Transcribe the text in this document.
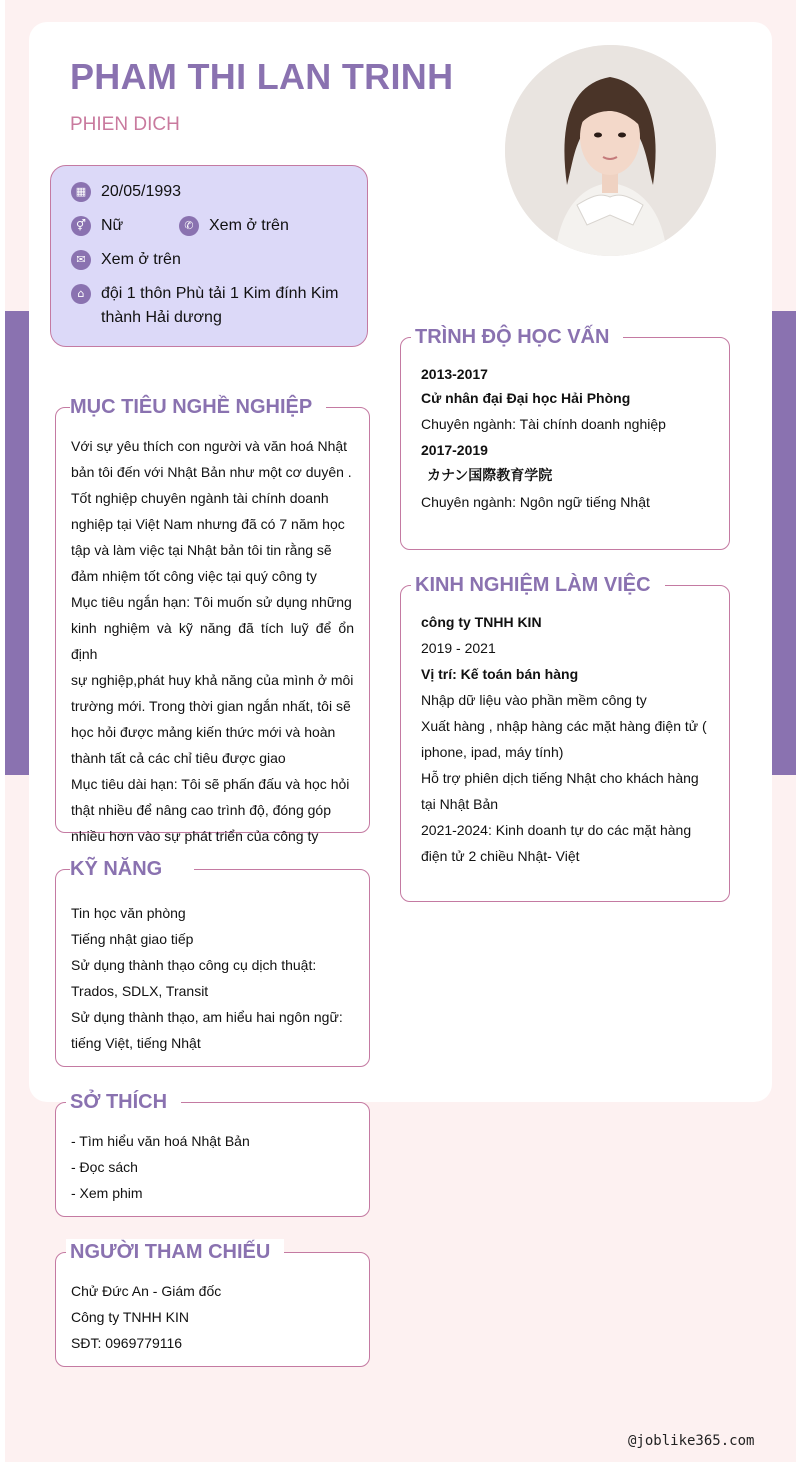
PHAM THI LAN TRINH
PHIEN DICH
▦ 20/05/1993
⚥ Nữ	✆ Xem ở trên
✉ Xem ở trên
⌂	đội 1 thôn Phù tải 1 Kim đính Kim
thành Hải dương
MỤC TIÊU NGHỀ NGHIỆP
Với sự yêu thích con người và văn hoá Nhật
bản tôi đến với Nhật Bản như một cơ duyên .
Tốt nghiệp chuyên ngành tài chính doanh
nghiệp tại Việt Nam nhưng đã có 7 năm học
tập và làm việc tại Nhật bản tôi tin rằng sẽ
đảm nhiệm tốt công việc tại quý công ty
Mục tiêu ngắn hạn: Tôi muốn sử dụng những
kinh nghiệm và kỹ năng đã tích luỹ để ổn định
sự nghiệp,phát huy khả năng của mình ở môi
trường mới. Trong thời gian ngắn nhất, tôi sẽ
học hỏi được mảng kiến thức mới và hoàn
thành tất cả các chỉ tiêu được giao
Mục tiêu dài hạn: Tôi sẽ phấn đấu và học hỏi
thật nhiều để nâng cao trình độ, đóng góp
nhiều hơn vào sự phát triển của công ty
KỸ NĂNG
Tin học văn phòng
Tiếng nhật giao tiếp
Sử dụng thành thạo công cụ dịch thuật:
Trados, SDLX, Transit
Sử dụng thành thạo, am hiểu hai ngôn ngữ:
tiếng Việt, tiếng Nhật
SỞ THÍCH
- Tìm hiểu văn hoá Nhật Bản
- Đọc sách
- Xem phim
NGƯỜI THAM CHIẾU
Chử Đức An - Giám đốc
Công ty TNHH KIN
SĐT: 0969779116
TRÌNH ĐỘ HỌC VẤN
2013-2017
Cử nhân đại Đại học Hải Phòng
Chuyên ngành: Tài chính doanh nghiệp
2017-2019
カナン国際教育学院
Chuyên ngành: Ngôn ngữ tiếng Nhật
KINH NGHIỆM LÀM VIỆC
công ty TNHH KIN
2019 - 2021
Vị trí: Kế toán bán hàng
Nhập dữ liệu vào phần mềm công ty
Xuất hàng , nhập hàng các mặt hàng điện tử (
iphone, ipad, máy tính)
Hỗ trợ phiên dịch tiếng Nhật cho khách hàng
tại Nhật Bản
2021-2024: Kinh doanh tự do các mặt hàng
điện tử 2 chiều Nhật- Việt
@joblike365.com
